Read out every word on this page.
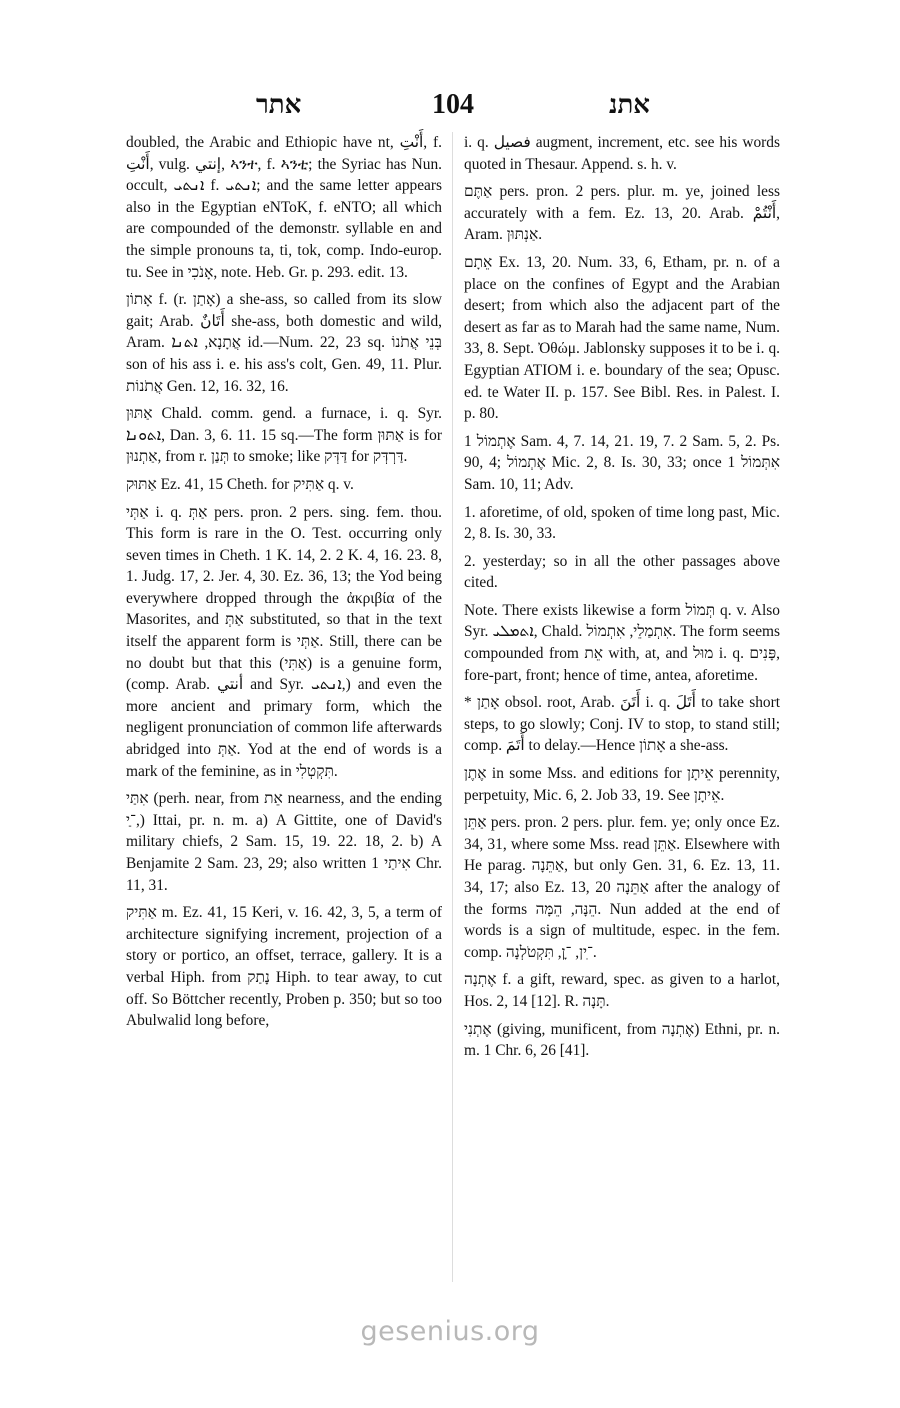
אתר	104	אתנ

doubled, the Arabic and Ethiopic have nt, أَنْتِ, f. أَنْتِ, vulg. إنتي, ኣንተ, f. ኣንቲ; the Syriac has Nun. occult, ܐܢܬܝ f. ܐܢܬܝ; and the same letter appears also in the Egyptian eNToK, f. eNTO; all which are compounded of the demonstr. syllable en and the simple pronouns ta, ti, tok, comp. Indo-europ. tu. See in אָנֹכִי, note. Heb. Gr. p. 293. edit. 13.

אָתוֹן f. (r. אָתַן) a she-ass, so called from its slow gait; Arab. أَتَانٌ she-ass, both domestic and wild, Aram. אֲתָנָא, ܐܬܢܐ id.—Num. 22, 23 sq. בְּנֵי אֲתֹנוֹ son of his ass i. e. his ass's colt, Gen. 49, 11. Plur. אֲתֹנוֹת Gen. 12, 16. 32, 16.

אַתּוּן Chald. comm. gend. a furnace, i. q. Syr. ܐܬܘܢܐ, Dan. 3, 6. 11. 15 sq.—The form אַתּוּן is for אַתְנוּן, from r. תְּנַן to smoke; like דַּדְּק for דַּרְדְּק.

אַתּוּק Ez. 41, 15 Cheth. for אַתִּיק q. v.

אַתְּי i. q. אַתְּ pers. pron. 2 pers. sing. fem. thou. This form is rare in the O. Test. occurring only seven times in Cheth. 1 K. 14, 2. 2 K. 4, 16. 23. 8, 1. Judg. 17, 2. Jer. 4, 30. Ez. 36, 13; the Yod being everywhere dropped through the ἀκριβία of the Masorites, and אַתְּ substituted, so that in the text itself the apparent form is אַתְּי. Still, there can be no doubt but that this (אַתִּי) is a genuine form, (comp. Arab. أنتي and Syr. ܐܢܬܝ,) and even the more ancient and primary form, which the negligent pronunciation of common life afterwards abridged into אַתְּ. Yod at the end of words is a mark of the feminine, as in תִּקְטְלִי.

אִתַּי (perh. near, from אֵת nearness, and the ending ־ַי,) Ittai, pr. n. m. a) A Gittite, one of David's military chiefs, 2 Sam. 15, 19. 22. 18, 2. b) A Benjamite 2 Sam. 23, 29; also written אִיתַי 1 Chr. 11, 31.

אַתִּיק m. Ez. 41, 15 Keri, v. 16. 42, 3, 5, a term of architecture signifying increment, projection of a story or portico, an offset, terrace, gallery. It is a verbal Hiph. from נָתַק Hiph. to tear away, to cut off. So Böttcher recently, Proben p. 350; but so too Abulwalid long before,

i. q. فصيل augment, increment, etc. see his words quoted in Thesaur. Append. s. h. v.

אַתֶּם pers. pron. 2 pers. plur. m. ye, joined less accurately with a fem. Ez. 13, 20. Arab. أَنْتُمْ, Aram. אַנְתּוּן.

אֵתָם Ex. 13, 20. Num. 33, 6, Etham, pr. n. of a place on the confines of Egypt and the Arabian desert; from which also the adjacent part of the desert as far as to Marah had the same name, Num. 33, 8. Sept. Ὀθώμ. Jablonsky supposes it to be i. q. Egyptian ATIOM i. e. boundary of the sea; Opusc. ed. te Water II. p. 157. See Bibl. Res. in Palest. I. p. 80.

אֶתְמוֹל 1 Sam. 4, 7. 14, 21. 19, 7. 2 Sam. 5, 2. Ps. 90, 4; אֶתְמוֹל Mic. 2, 8. Is. 30, 33; once אִתְּמוֹל 1 Sam. 10, 11; Adv.

1. aforetime, of old, spoken of time long past, Mic. 2, 8. Is. 30, 33.

2. yesterday; so in all the other passages above cited.

Note. There exists likewise a form תְּמוֹל q. v. Also Syr. ܐܬܡܠܝ, Chald. אִתְמַלֵי, אִתְמוֹל. The form seems compounded from אֵת with, at, and מוּל i. q. פָּנִים, fore-part, front; hence of time, antea, aforetime.

* אָתַן obsol. root, Arab. أَتَنَ i. q. أَتَلَ to take short steps, to go slowly; Conj. IV to stop, to stand still; comp. أَتَمَ to delay.—Hence אָתוֹן a she-ass.

אֶתֶן in some Mss. and editions for אֵיתָן perennity, perpetuity, Mic. 6, 2. Job 33, 19. See אֵיתָן.

אַתֵּן pers. pron. 2 pers. plur. fem. ye; only once Ez. 34, 31, where some Mss. read אַתֵּן. Elsewhere with He parag. אַתֵּנָה, but only Gen. 31, 6. Ez. 13, 11. 34, 17; also Ez. 13, 20 אַתֵּנָה after the analogy of the forms הֵנָּה, הֵמָּה. Nun added at the end of words is a sign of multitude, espec. in the fem. comp. ־ִין, ־ָן, תִּקְטֹלְנָה.

אֶתְנָה f. a gift, reward, spec. as given to a harlot, Hos. 2, 14 [12]. R. תָּנָה.

אֶתְנִי (giving, munificent, from אֶתְנָה) Ethni, pr. n. m. 1 Chr. 6, 26 [41].

gesenius.org
